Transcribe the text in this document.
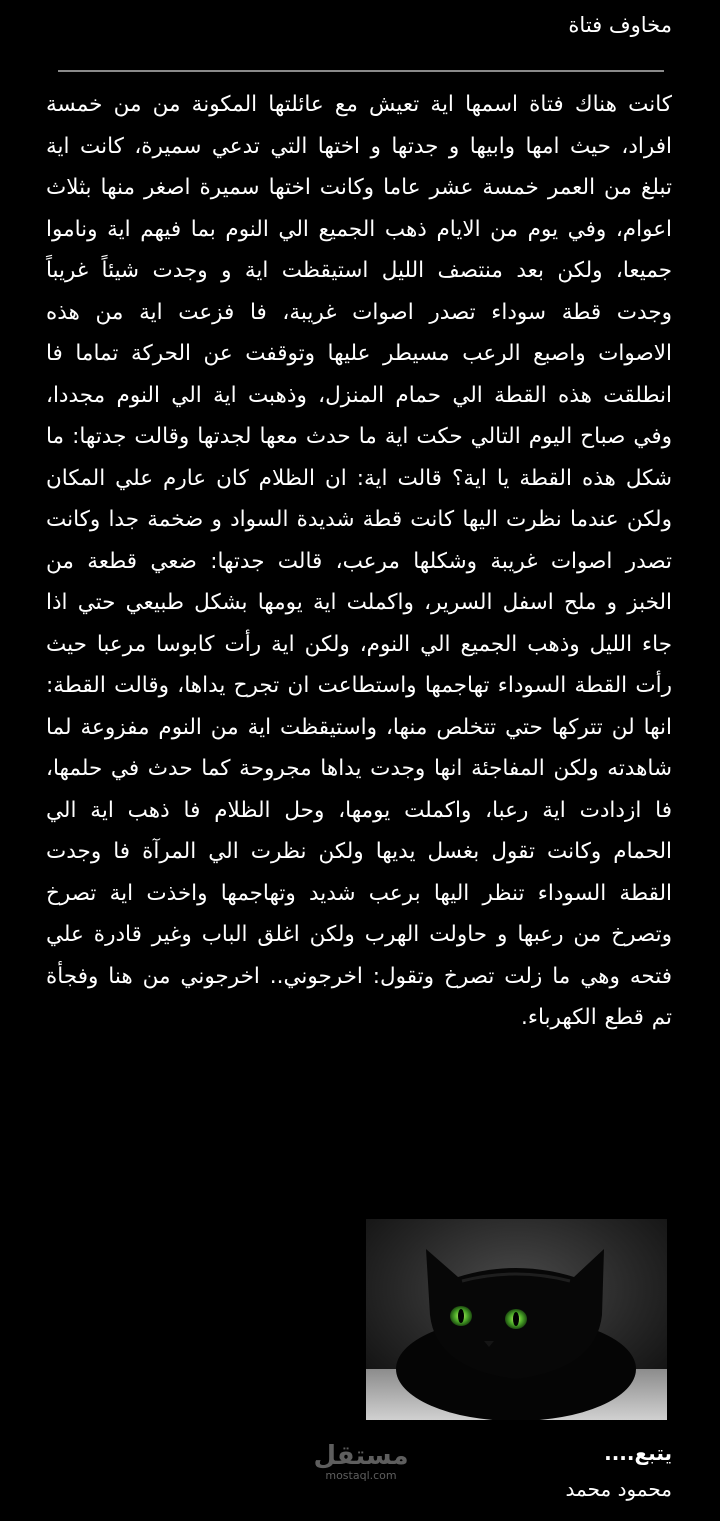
مخاوف فتاة
كانت هناك فتاة اسمها اية تعيش مع عائلتها المكونة من من خمسة افراد، حيث امها وابيها و جدتها و اختها التي تدعي سميرة، كانت اية تبلغ من العمر خمسة عشر عاما وكانت اختها سميرة اصغر منها بثلاث اعوام، وفي يوم من الايام ذهب الجميع الي النوم بما فيهم اية وناموا جميعا، ولكن بعد منتصف الليل استيقظت اية و وجدت شيئاً غريباً وجدت قطة سوداء تصدر اصوات غريبة، فا فزعت اية من هذه الاصوات واصبع الرعب مسيطر عليها وتوقفت عن الحركة تماما فا انطلقت هذه القطة الي حمام المنزل، وذهبت اية الي النوم مجددا، وفي صباح اليوم التالي حكت اية ما حدث معها لجدتها وقالت جدتها: ما شكل هذه القطة يا اية؟ قالت اية: ان الظلام كان عارم علي المكان ولكن عندما نظرت اليها كانت قطة شديدة السواد و ضخمة جدا وكانت تصدر اصوات غريبة وشكلها مرعب، قالت جدتها: ضعي قطعة من الخبز و ملح اسفل السرير، واكملت اية يومها بشكل طبيعي حتي اذا جاء الليل وذهب الجميع الي النوم، ولكن اية رأت كابوسا مرعبا حيث رأت القطة السوداء تهاجمها واستطاعت ان تجرح يداها، وقالت القطة: انها لن تتركها حتي تتخلص منها، واستيقظت اية من النوم مفزوعة لما شاهدته ولكن المفاجئة انها وجدت يداها مجروحة كما حدث في حلمها، فا ازدادت اية رعبا، واكملت يومها، وحل الظلام فا ذهب اية الي الحمام وكانت تقول بغسل يديها ولكن نظرت الي المرآة فا وجدت القطة السوداء تنظر اليها برعب شديد وتهاجمها واخذت اية تصرخ وتصرخ من رعبها و حاولت الهرب ولكن اغلق الباب وغير قادرة علي فتحه وهي ما زلت تصرخ وتقول: اخرجوني.. اخرجوني من هنا وفجأة تم قطع الكهرباء.
مستقل
mostaql.com
يتبع....
محمود محمد
